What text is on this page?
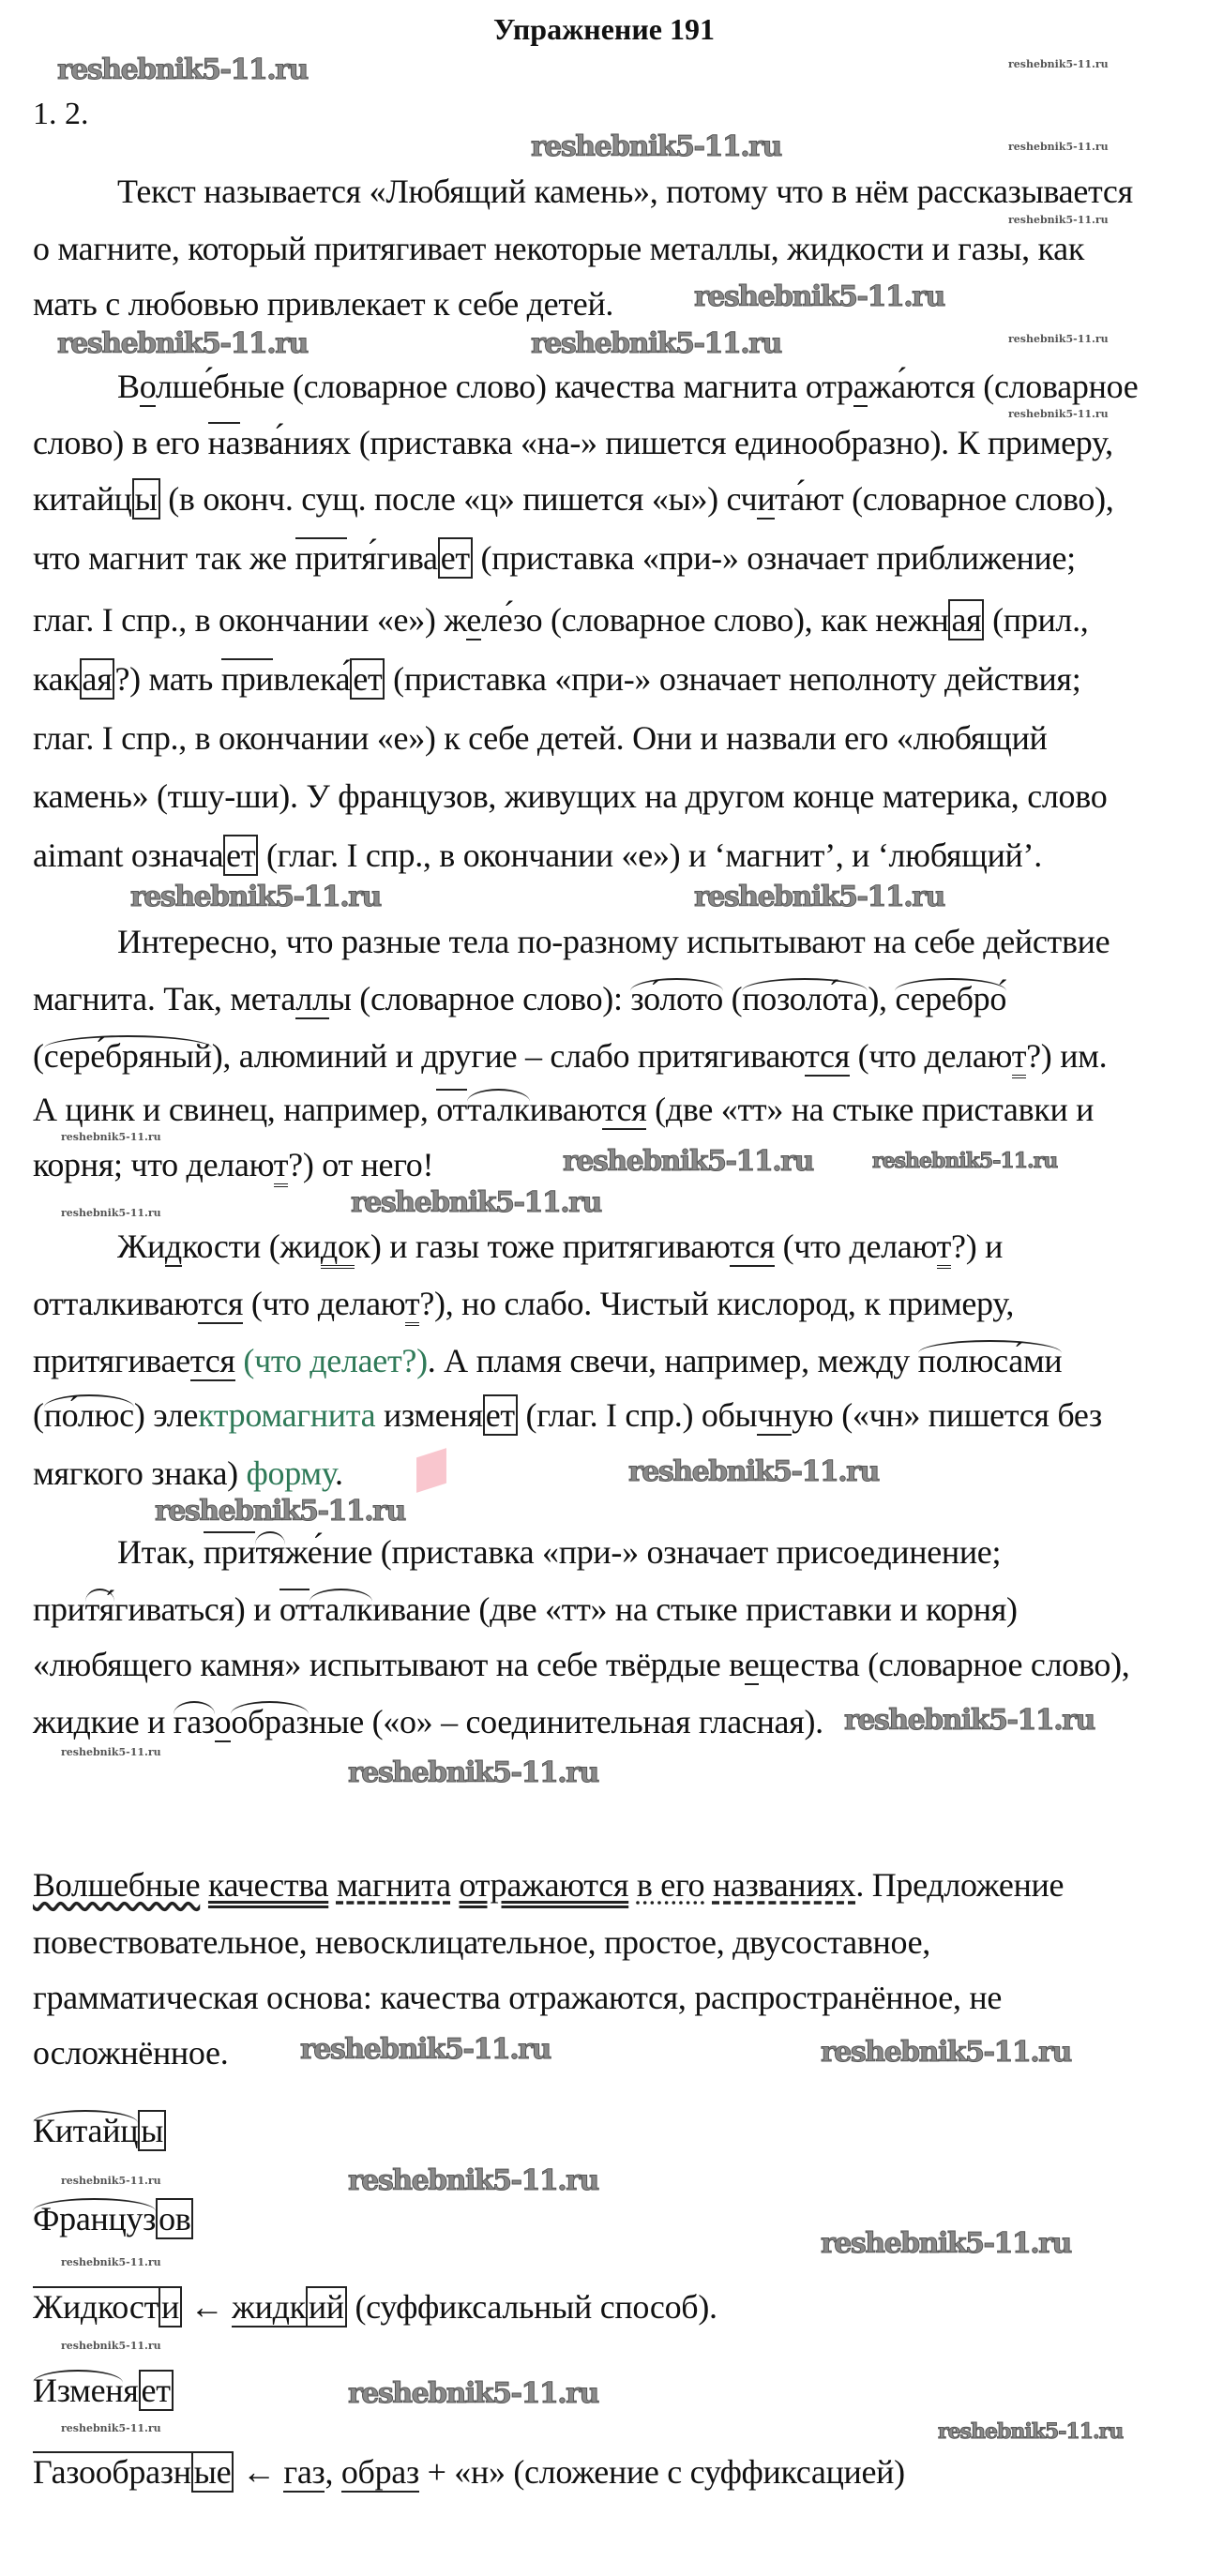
Упражнение 191
1. 2.
reshebnik5-11.ru
reshebnik5-11.ru
reshebnik5-11.ru	reshebnik5-11.ru
reshebnik5-11.ru
reshebnik5-11.ru
reshebnik5-11.ru
reshebnik5-11.ru
reshebnik5-11.ru
reshebnik5-11.ru
reshebnik5-11.ru
reshebnik5-11.ru
reshebnik5-11.ru
reshebnik5-11.ru	reshebnik5-11.ru
reshebnik5-11.ru
reshebnik5-11.ru
reshebnik5-11.ru
reshebnik5-11.ru
reshebnik5-11.ru
reshebnik5-11.ru
reshebnik5-11.ru
reshebnik5-11.ru
reshebnik5-11.ru
reshebnik5-11.ru
reshebnik5-11.ru
reshebnik5-11.ru
reshebnik5-11.ru
reshebnik5-11.ru
reshebnik5-11.ru
reshebnik5-11.ru
reshebnik5-11.ru
Текст называется «Любящий камень», потому что в нём рассказывается
о магните, который притягивает некоторые металлы, жидкости и газы, как
мать с любовью привлекает к себе детей.
Волше́бные (словарное слово) качества магнита отража́ются (словарное
слово) в его назва́ниях (приставка «на-» пишется единообразно). К примеру,
китайцы (в оконч. сущ. после «ц» пишется «ы») счита́ют (словарное слово),
что магнит так же притя́гивает (приставка «при-» означает приближение;
глаг. I спр., в окончании «е») желе́зо (словарное слово), как нежная (прил.,
какая?) мать привлека́ет (приставка «при-» означает неполноту действия;
глаг. I спр., в окончании «е») к себе детей. Они и назвали его «любящий
камень» (тшу-ши). У французов, живущих на другом конце материка, слово
aimant означает (глаг. I спр., в окончании «е») и ‘магнит’, и ‘любящий’.
Интересно, что разные тела по-разному испытывают на себе действие
магнита. Так, металлы (словарное слово): зо́лото (позоло́та), серебро́
(сере́бряный), алюминий и другие – слабо притягиваются (что делают?) им.
А цинк и свинец, например, отталкиваются (две «тт» на стыке приставки и
корня; что делают?) от него!
Жидкости (жидок) и газы тоже притягиваются (что делают?) и
отталкиваются (что делают?), но слабо. Чистый кислород, к примеру,
притягивается (что делает?). А пламя свечи, например, между полюса́ми
(по́люс) электромагнита изменяет (глаг. I спр.) обычную («чн» пишется без
мягкого знака) форму.
Итак, притяже́ние (приставка «при-» означает присоединение;
притя́гиваться) и отталкивание (две «тт» на стыке приставки и корня)
«любящего камня» испытывают на себе твёрдые вещества (словарное слово),
жидкие и газообразные («о» – соединительная гласная).
Волшебные качества магнита отражаются в его названиях. Предложение
повествовательное, невосклицательное, простое, двусоставное,
грамматическая основа: качества отражаются, распространённое, не
осложнённое.
Китайцы
Французов
Жидкости ← жидкий (суффиксальный способ).
Изменяет
Газообразные ← газ, образ + «н» (сложение с суффиксацией)
